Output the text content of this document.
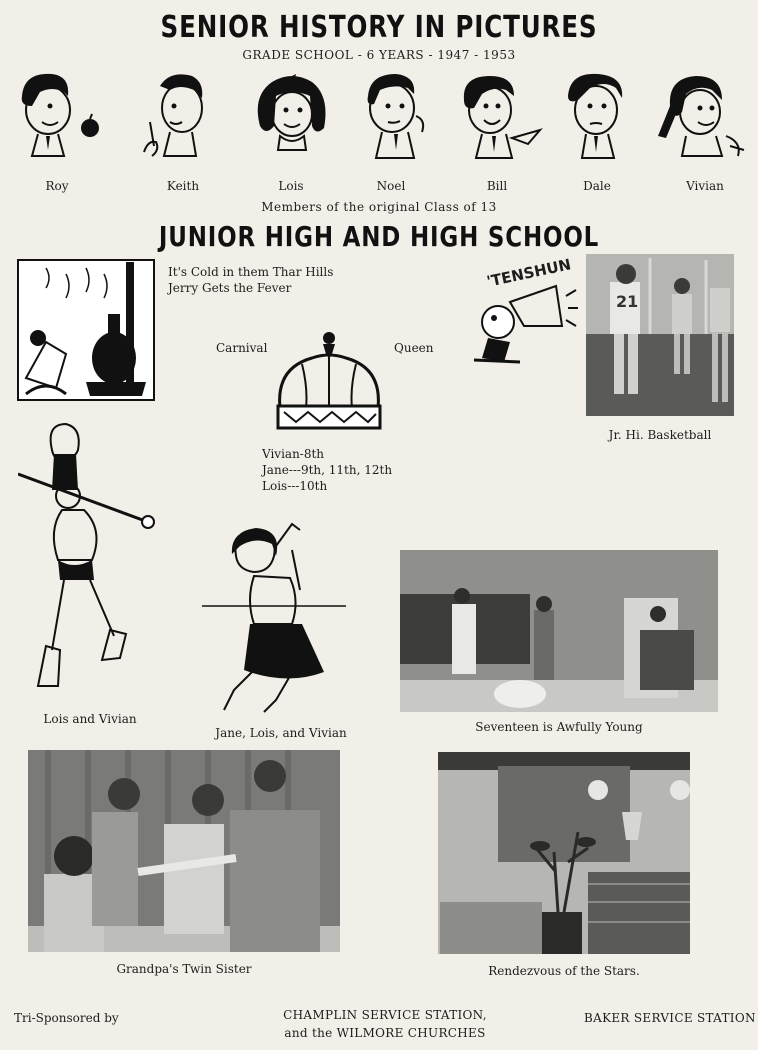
SENIOR HISTORY IN PICTURES
GRADE SCHOOL - 6 YEARS - 1947 - 1953
Roy	Keith	Lois	Noel	Bill	Dale	Vivian
Members of the original Class of 13
JUNIOR HIGH AND HIGH SCHOOL
It's Cold in them Thar Hills
Jerry Gets the Fever	'TENSHUN
21
Jr. Hi. Basketball
Carnival	Queen
Vivian-8th
Jane---9th, 11th, 12th
Lois---10th
Lois and Vivian
Jane, Lois, and Vivian	Seventeen is Awfully Young
Grandpa's Twin Sister	Rendezvous of the Stars.
Tri-Sponsored by	CHAMPLIN SERVICE STATION,
and the WILMORE CHURCHES
BAKER SERVICE STATION
